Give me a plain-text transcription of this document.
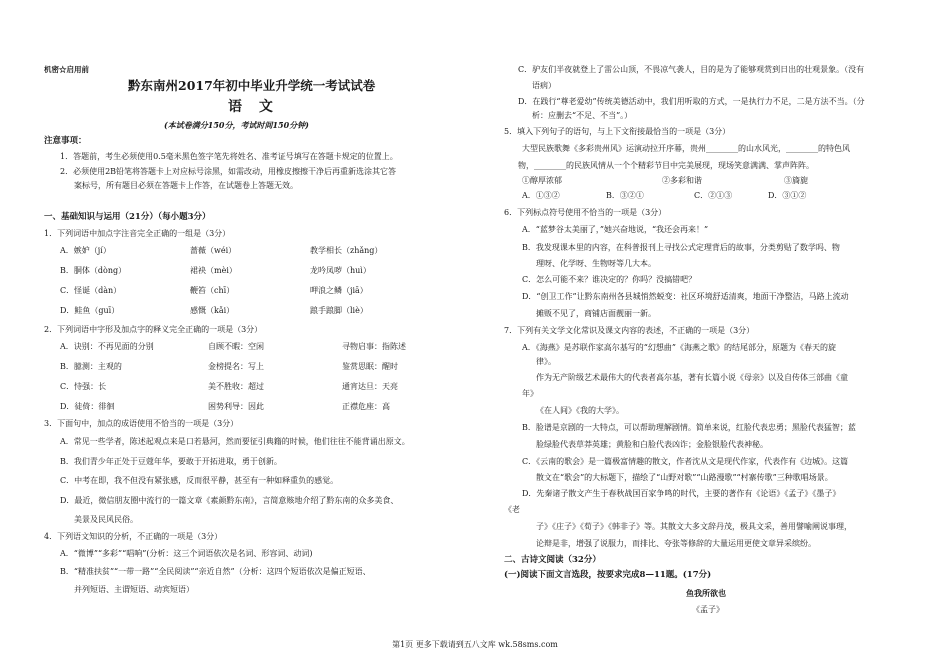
机密☆启用前
黔东南州2017年初中毕业升学统一考试试卷
语 文
(本试卷满分150分，考试时间150分钟)
注意事项：
1．答题前，考生必须使用0.5毫米黑色签字笔先将姓名、准考证号填写在答题卡规定的位置上。
2．必须使用2B铅笔将答题卡上对应标号涂黑，如需改动，用橡皮擦擦干净后再重新选涂其它答
案标号，所有题目必须在答题卡上作答，在试题卷上答题无效。
一、基础知识与运用（21分）（每小题3分）
1．下列词语中加点字注音完全正确的一组是（3分）
A．嫉妒（jí）	蔷薇（wéi）	教学相长（zhǎng）
B．胴体（dòng）	裙袂（mèi）	龙吟凤哕（huì）
C．怪诞（dàn）	鞭笞（chī）	呷浪之鳞（jiā）
D．鲑鱼（guī）	感慨（kǎi）	踉手踉脚（liè）
2．下列词语中字形及加点字的释义完全正确的一项是（3分）
A．诀别：不再见面的分别	自顾不暇：空闲	寻物启事：指陈述
B．臆测：主观的	金榜提名：写上	鉴赏思眠：醒时
C．恃强：长	美不胜收：超过	通宵达旦：天亮
D．徒倚：徘徊	困势利导：因此	正襟危座：高
3．下面句中，加点的成语使用不恰当的一项是（3分）
A．常见一些学者，陈述起观点来是口若悬河，然而要征引典籍的时候，他们往往不能背诵出原文。
B．我们青少年正处于豆蔻年华，要敢于开拓进取，勇于创新。
C．中考在即，我不但没有紧张感，反而很平静，甚至有一种如释重负的感觉。
D．最近，微信朋友圈中流行的一篇文章《素颜黔东南》，言简意赅地介绍了黔东南的众多美食、
美景及民风民俗。
4．下列语文知识的分析，不正确的一项是（3分）
A．“微博”“多彩”“唱响”(分析：这三个词语依次是名词、形容词、动词)
B．“精准扶贫”“一带一路”“全民阅读”“亲近自然”（分析：这四个短语依次是偏正短语、
并列短语、主谓短语、动宾短语）
C．驴友们半夜就登上了雷公山顶，不畏凉气袭人，目的是为了能够观赏到日出的壮观景象。（没有
语病）
D．在践行“尊老爱幼”传统美德活动中，我们用听取的方式，一是执行力不足，二是方法不当。（分
析：应删去“不足、不当”。）
5．填入下列句子的语句，与上下文衔接最恰当的一项是（3分）
大型民族歌舞《多彩贵州风》运演动拉开序幕，贵州________的山水风光，________的特色风
物，________的民族风情从一个个精彩节目中完美展现，现场笑意满满、掌声阵阵。
①醇厚浓郁	②多彩和谐	③旖旎
A．①③②	B．③②①	C．②①③	D．③①②
6．下列标点符号使用不恰当的一项是（3分）
A．“蓝梦谷太美丽了，”她兴奋地说，“我还会再来！”
B．我发现课本里的内容，在科普报刊上寻找公式定理背后的故事，分类剪贴了数学吗、物
理呀、化学呀、生物呀等几大本。
C．怎么可能不来？谁决定的？你吗？没搞错吧？
D．“创卫工作”让黔东南州各县城悄然蜕变：社区环境舒适清爽，地面干净整洁，马路上流动
摊贩不见了，商铺店面靓丽一新。
7．下列有关文学文化常识及课文内容的表述，不正确的一项是（3分）
A．《海燕》是苏联作家高尔基写的“幻想曲”《海燕之歌》的结尾部分，原题为《春天的旋
律》。
作为无产阶级艺术最伟大的代表者高尔基，著有长篇小说《母亲》以及自传体三部曲《童
年》
《在人间》《我的大学》。
B．脸谱是京剧的一大特点，可以帮助理解剧情。简单来说，红脸代表忠勇；黑脸代表猛智；蓝
脸绿脸代表草莽英雄；黄脸和白脸代表凶诈；金脸银脸代表神秘。
C．《云南的歌会》是一篇极富情趣的散文，作者沈从文是现代作家，代表作有《边城》。这篇
散文在“歌会”的大标题下，描绘了“山野对歌”“山路漫歌”“村寨传歌”三种歌唱场景。
D．先秦诸子散文产生于春秋战国百家争鸣的时代，主要的著作有《论语》《孟子》《墨子》
《老
子》《庄子》《荀子》《韩非子》等。其散文大多文辞丹茂，极具文采，善用譬喻阐说事理，
论辩是非，增强了说服力，而排比、夸张等修辞的大量运用更使文章异采缤纷。
二、古诗文阅读（32分）
(一)阅读下面文言选段，按要求完成8—11题。(17分)
鱼我所欲也
《孟子》
第1页 更多下载请到五八文库 wk.58sms.com
